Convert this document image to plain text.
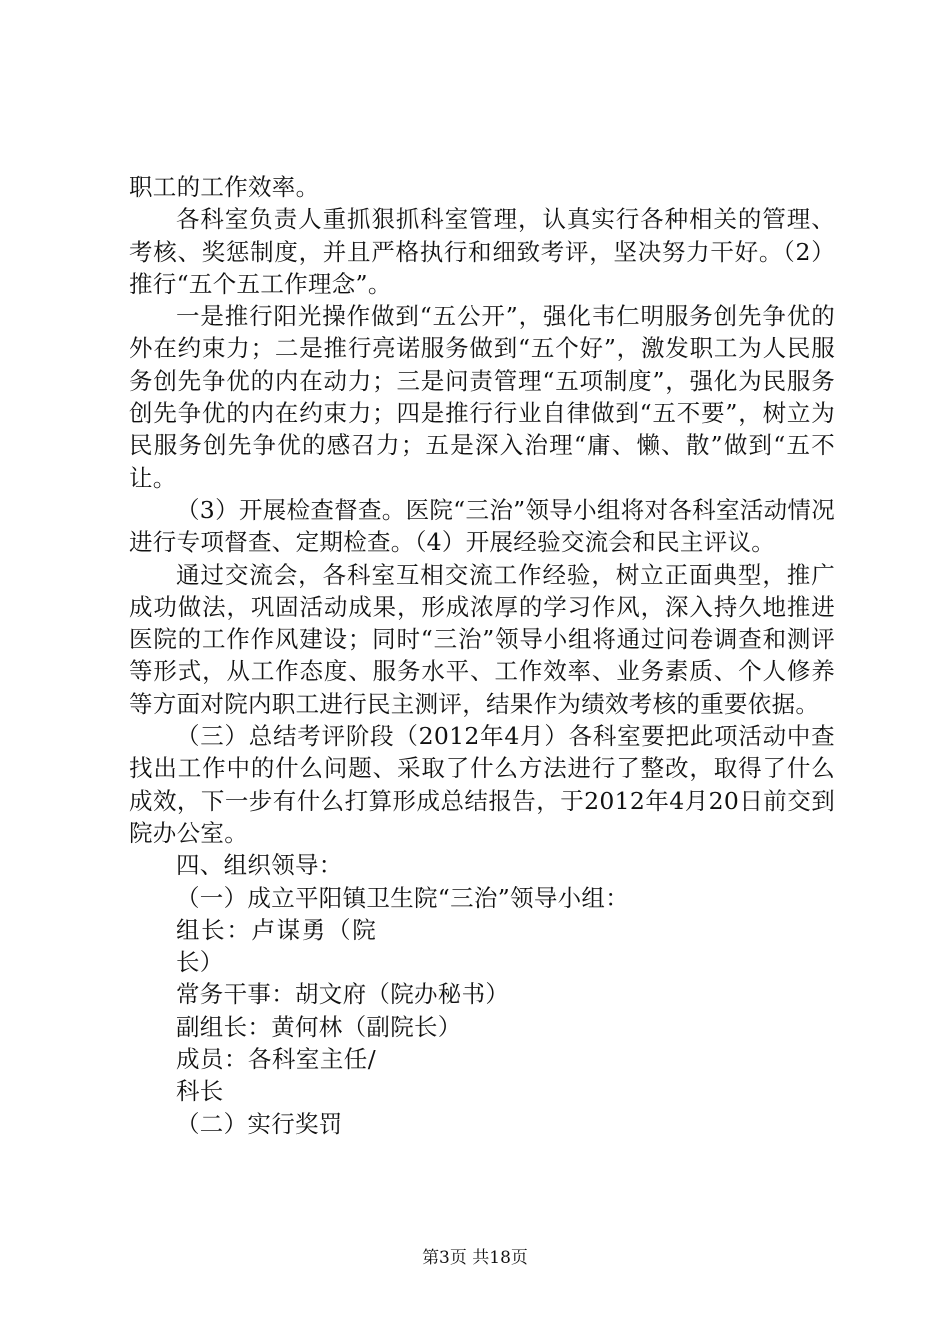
职工的工作效率。

各科室负责人重抓狠抓科室管理，认真实行各种相关的管理、考核、奖惩制度，并且严格执行和细致考评，坚决努力干好。（2）推行“五个五工作理念”。

一是推行阳光操作做到“五公开”，强化韦仁明服务创先争优的外在约束力；二是推行亮诺服务做到“五个好”，激发职工为人民服务创先争优的内在动力；三是问责管理“五项制度”，强化为民服务创先争优的内在约束力；四是推行行业自律做到“五不要”，树立为民服务创先争优的感召力；五是深入治理“庸、懒、散”做到“五不让。

（3）开展检查督查。医院“三治”领导小组将对各科室活动情况进行专项督查、定期检查。（4）开展经验交流会和民主评议。

通过交流会，各科室互相交流工作经验，树立正面典型，推广成功做法，巩固活动成果，形成浓厚的学习作风，深入持久地推进医院的工作作风建设；同时“三治”领导小组将通过问卷调查和测评等形式，从工作态度、服务水平、工作效率、业务素质、个人修养等方面对院内职工进行民主测评，结果作为绩效考核的重要依据。

（三）总结考评阶段（2012年4月）各科室要把此项活动中查找出工作中的什么问题、采取了什么方法进行了整改，取得了什么成效，下一步有什么打算形成总结报告，于2012年4月20日前交到院办公室。

四、组织领导：

（一）成立平阳镇卫生院“三治”领导小组：

组长：卢谋勇（院长）

常务干事：胡文府（院办秘书）

副组长：黄何林（副院长）

成员：各科室主任/科长

（二）实行奖罚

第3页 共18页
